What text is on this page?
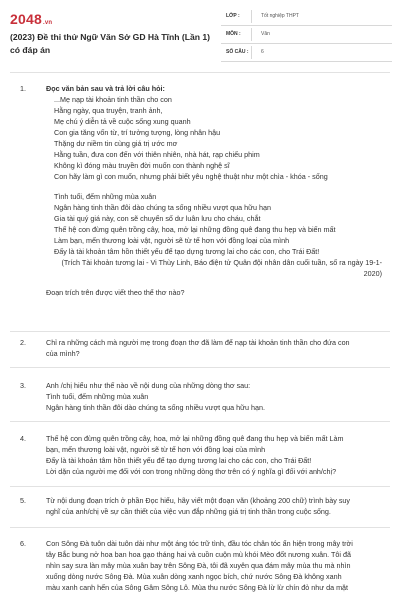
2048.vn
(2023) Đề thi thử Ngữ Văn Sở GD Hà Tĩnh (Lần 1) có đáp án
LỚP :	Tốt nghiệp THPT
MÔN :	Văn
SỐ CÂU :	6
1.	Đọc văn bản sau và trả lời câu hỏi:
...Mẹ nạp tài khoản tinh thần cho con
Hằng ngày, qua truyện, tranh ảnh,
Mẹ chú ý diễn tả về cuộc sống xung quanh
Con gia tăng vốn từ, trí tưởng tượng, lòng nhân hậu
Thặng dư niềm tin cùng giá trị ước mơ
Hằng tuần, đưa con đến với thiên nhiên, nhà hát, rạp chiếu phim
Không kì đóng màu truyền đời muốn con thành nghệ sĩ
Con hãy làm gì con muốn, nhưng phải biết yêu nghệ thuật như một chìa - khóa - sống
Tình tuổi, đếm những mùa xuân
Ngân hàng tinh thần đôi dào chúng ta sống nhiều vượt qua hữu hạn
Gia tài quý giá này, con sẽ chuyển số dư luân lưu cho cháu, chắt
Thế hệ con đừng quên trồng cây, hoa, mở lại những đồng quê đang thu hẹp và biến mất
Làm bạn, mến thương loài vật, người sẽ từ tế hơn với đồng loại của mình
Đấy là tài khoản tâm hồn thiết yếu để tạo dựng tương lai cho các con, cho Trái Đất!
(Trích Tài khoản tương lai - Vi Thùy Linh, Báo điện tử Quân đội nhân dân cuối tuần, số ra ngày 19-1-2020)
Đoạn trích trên được viết theo thể thơ nào?
2.	Chỉ ra những cách mà người mẹ trong đoạn thơ đã làm để nạp tài khoản tinh thần cho đứa con
của mình?
3.	Anh /chị hiểu như thế nào về nội dung của những dòng thơ sau:
Tình tuổi, đếm những mùa xuân
Ngân hàng tinh thần đôi dào chúng ta sống nhiều vượt qua hữu hạn.
4.	Thế hệ con đừng quên trồng cây, hoa, mở lại những đồng quê đang thu hẹp và biến mất Làm
bạn, mến thương loài vật, người sẽ từ tế hơn với đồng loại của mình
Đấy là tài khoản tâm hồn thiết yếu để tạo dựng tương lai cho các con, cho Trái Đất!
Lời dặn của người mẹ đối với con trong những dòng thơ trên có ý nghĩa gì đối với anh/chị?
5.	Từ nội dung đoạn trích ở phần Đọc hiểu, hãy viết một đoạn văn (khoảng 200 chữ) trình bày suy
nghĩ của anh/chị về sự cần thiết của việc vun đắp những giá trị tinh thần trong cuộc sống.
6.	Con Sông Đà tuôn dài tuôn dài như một áng tóc trữ tình, đầu tóc chân tóc ẩn hiện trong mây trời
tây Bắc bung nở hoa ban hoa gạo tháng hai và cuồn cuộn mù khói Mèo đốt nương xuân. Tôi đã
nhìn say sưa làn mây mùa xuân bay trên Sông Đà, tôi đã xuyên qua đám mây mùa thu mà nhìn
xuống dòng nước Sông Đà. Mùa xuân dòng xanh ngọc bích, chứ nước Sông Đà không xanh
màu xanh canh hến của Sông Gâm Sông Lô. Mùa thu nước Sông Đà lừ lừ chín đỏ như da mặt
